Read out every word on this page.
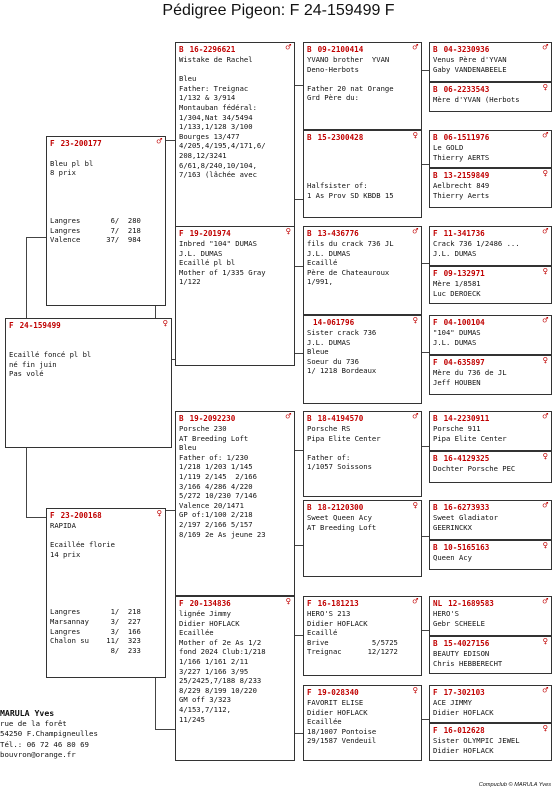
Pédigree Pigeon: F 24-159499 F
F 24-159499	♀
Ecaillé foncé pl bl
né fin juin
Pas volé
F 23-200177	♂
Bleu pl bl
8 prix
Langres       6/  280
Langres       7/  218
Valence      37/  984
F 23-200168	♀
RAPIDA
Ecaillée florie
14 prix
Langres       1/  218
Marsannay     3/  227
Langres       3/  166
Chalon su    11/  323
8/  233
B 16-2296621	♂
Wistake de Rachel
Bleu
Father: Treignac
1/132 & 3/914
Montauban fédéral:
1/304,Nat 34/5494
1/133,1/128 3/100
Bourges 13/477
4/205,4/195,4/171,6/
208,12/3241
6/61,8/240,10/104,
7/163 (lâchée avec
F 19-201974	♀
Inbred "104" DUMAS
J.L. DUMAS
Ecaillé pl bl
Mother of 1/335 Gray
1/122
B 19-2092230	♂
Porsche 230
AT Breeding Loft
Bleu
Father of: 1/230
1/218 1/203 1/145
1/119 2/145  2/166
3/166 4/286 4/220
5/272 10/230 7/146
Valence 20/1471
GP of:1/100 2/218
2/197 2/166 5/157
8/169 2e As jeune 23
F 20-134836	♀
lignée Jimmy
Didier HOFLACK
Ecaillée
Mother of 2e As 1/2
fond 2024 Club:1/218
1/166 1/161 2/11
3/227 1/166 3/95
25/2425,7/188 8/233
8/229 8/199 10/220
GM off 3/323
4/153,7/112,
11/245
B 09-2100414	♂
YVANO brother  YVAN
Deno-Herbots
Father 20 nat Orange
Grd Père du:
B 15-2300428	♀
Halfsister of:
1 As Prov SD KBDB 15
B 13-436776	♂
fils du crack 736 JL
J.L. DUMAS
Ecaillé
Père de Chateauroux
1/991,
14-061796	♀
Sister crack 736
J.L. DUMAS
Bleue
Soeur du 736
1/ 1218 Bordeaux
B 18-4194570	♂
Porsche RS
Pipa Elite Center
Father of:
1/1057 Soissons
B 18-2120300	♀
Sweet Queen Acy
AT Breeding Loft
F 16-181213	♂
HERO'S 213
Didier HOFLACK
Ecaillé
Brive          5/5725
Treignac      12/1272
F 19-028340	♀
FAVORIT ELISE
Didier HOFLACK
Ecaillée
18/1007 Pontoise
29/1587 Vendeuil
B 04-3230936	♂
Venus Père d'YVAN
Gaby VANDENABEELE
B 06-2233543	♀
Mère d'YVAN (Herbots
B 06-1511976	♂
Le GOLD
Thierry AERTS
B 13-2159849	♀
Aelbrecht 849
Thierry Aerts
F 11-341736	♂
Crack 736 1/2486 ...
J.L. DUMAS
F 09-132971	♀
Mère 1/8581
Luc DEROECK
F 04-100104	♂
"104" DUMAS
J.L. DUMAS
F 04-635897	♀
Mère du 736 de JL
Jeff HOUBEN
B 14-2230911	♂
Porsche 911
Pipa Elite Center
B 16-4129325	♀
Dochter Porsche PEC
B 16-6273933	♂
Sweet Gladiator
GEERINCKX
B 10-5165163	♀
Queen Acy
NL 12-1689583	♂
HERO'S
Gebr SCHEELE
B 15-4027156	♀
BEAUTY EDISON
Chris HEBBERECHT
F 17-302103	♂
ACE JIMMY
Didier HOFLACK
F 16-012628	♀
Sister OLYMPIC JEWEL
Didier HOFLACK
MARULA Yves
rue de la forêt
54250 F.Champigneulles
Tél.: 06 72 46 80 69
bouvron@orange.fr
Compuclub © MARULA Yves
